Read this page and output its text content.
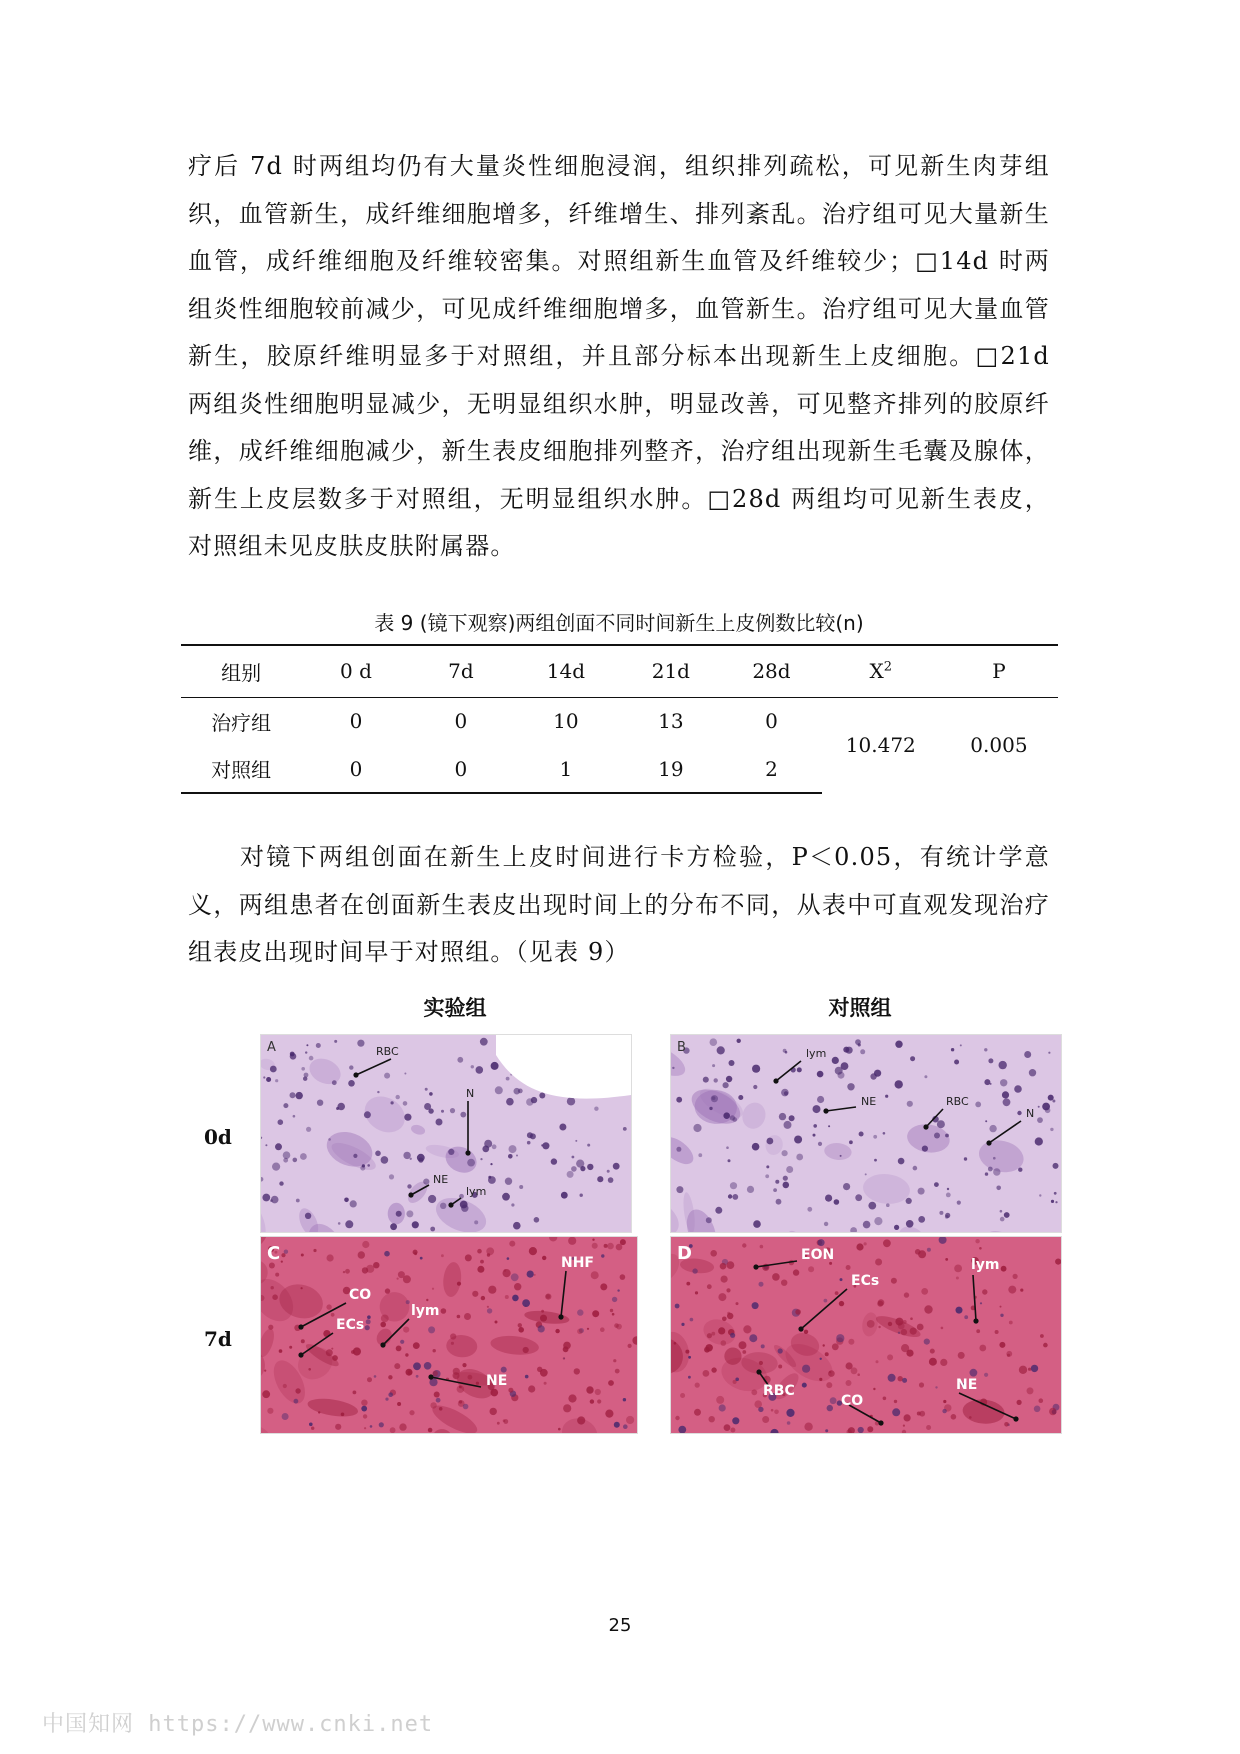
疗后 7d 时两组均仍有大量炎性细胞浸润，组织排列疏松，可见新生肉芽组织，血管新生，成纤维细胞增多，纤维增生、排列紊乱。治疗组可见大量新生血管，成纤维细胞及纤维较密集。对照组新生血管及纤维较少；□14d 时两组炎性细胞较前减少，可见成纤维细胞增多，血管新生。治疗组可见大量血管新生，胶原纤维明显多于对照组，并且部分标本出现新生上皮细胞。□21d 两组炎性细胞明显减少，无明显组织水肿，明显改善，可见整齐排列的胶原纤维，成纤维细胞减少，新生表皮细胞排列整齐，治疗组出现新生毛囊及腺体，新生上皮层数多于对照组，无明显组织水肿。□28d 两组均可见新生表皮，对照组未见皮肤皮肤附属器。

表 9 (镜下观察)两组创面不同时间新生上皮例数比较(n)
组别	0 d	7d	14d	21d	28d	$X^2$	P
治疗组	0	0	10	13	0	10.472	0.005
对照组	0	0	1	19	2		

对镜下两组创面在新生上皮时间进行卡方检验，P＜0.05，有统计学意义，两组患者在创面新生表皮出现时间上的分布不同，从表中可直观发现治疗组表皮出现时间早于对照组。（见表 9）

实验组	对照组
0d
7d
A	RBC
N
NE
lym
B	lym
NE	RBC
N
C
CO
ECs
lym
NHF
NE
D	EON
ECs
lym
RBC
CO
NE
25
中国知网 https://www.cnki.net
